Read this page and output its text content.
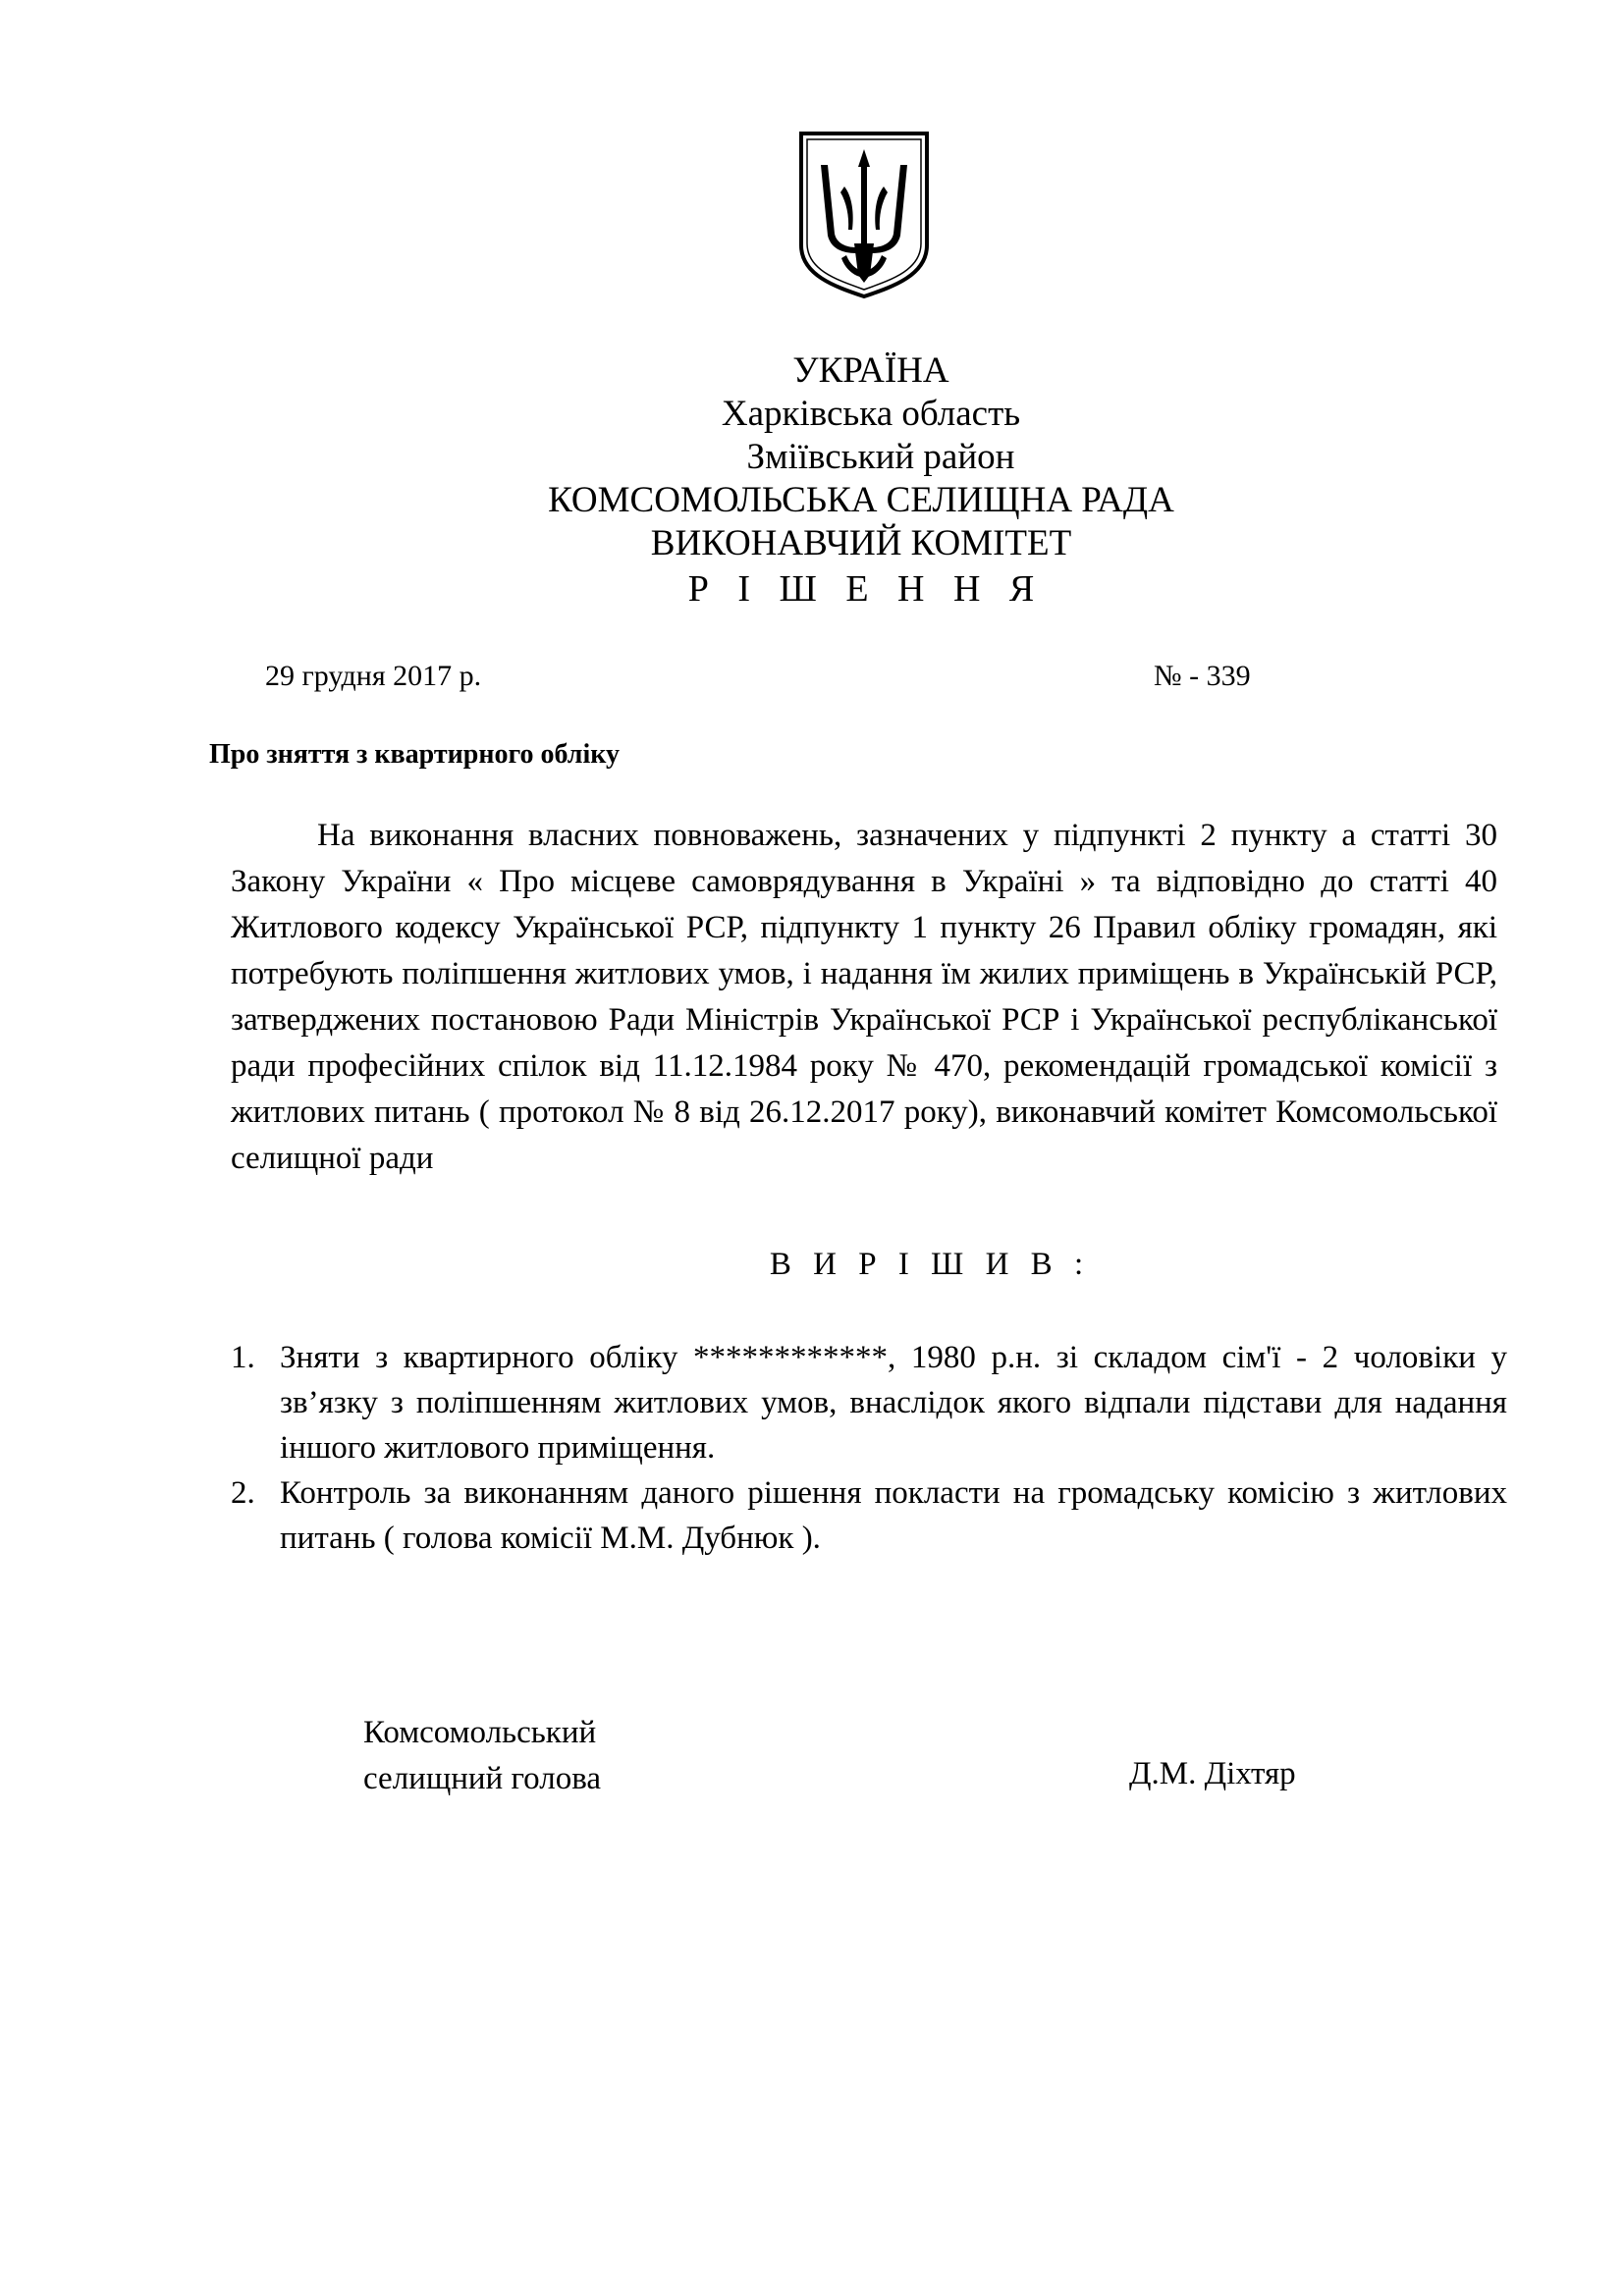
УКРАЇНА
Харківська область
Зміївський район
КОМСОМОЛЬСЬКА СЕЛИЩНА РАДА
ВИКОНАВЧИЙ КОМІТЕТ
Р І Ш Е Н Н Я
29 грудня 2017 р.	№ - 339
Про зняття з квартирного обліку
На виконання власних повноважень, зазначених у підпункті 2 пункту а статті 30 Закону України « Про місцеве самоврядування в Україні » та відповідно до статті 40 Житлового кодексу Української РСР, підпункту 1 пункту 26 Правил обліку громадян, які потребують поліпшення житлових умов, і надання їм жилих приміщень в Українській РСР, затверджених постановою Ради Міністрів Української РСР і Української республіканської ради професійних спілок від 11.12.1984 року № 470, рекомендацій громадської комісії з житлових питань ( протокол № 8 від 26.12.2017 року), виконавчий комітет Комсомольської селищної ради
В И Р І Ш И В :
1. Зняти з квартирного обліку ************, 1980 р.н. зі складом сім'ї - 2 чоловіки у зв’язку з поліпшенням житлових умов, внаслідок якого відпали підстави для надання іншого житлового приміщення.
2. Контроль за виконанням даного рішення покласти на громадську комісію з житлових питань ( голова комісії М.М. Дубнюк ).
Комсомольський
селищний голова	Д.М. Діхтяр
